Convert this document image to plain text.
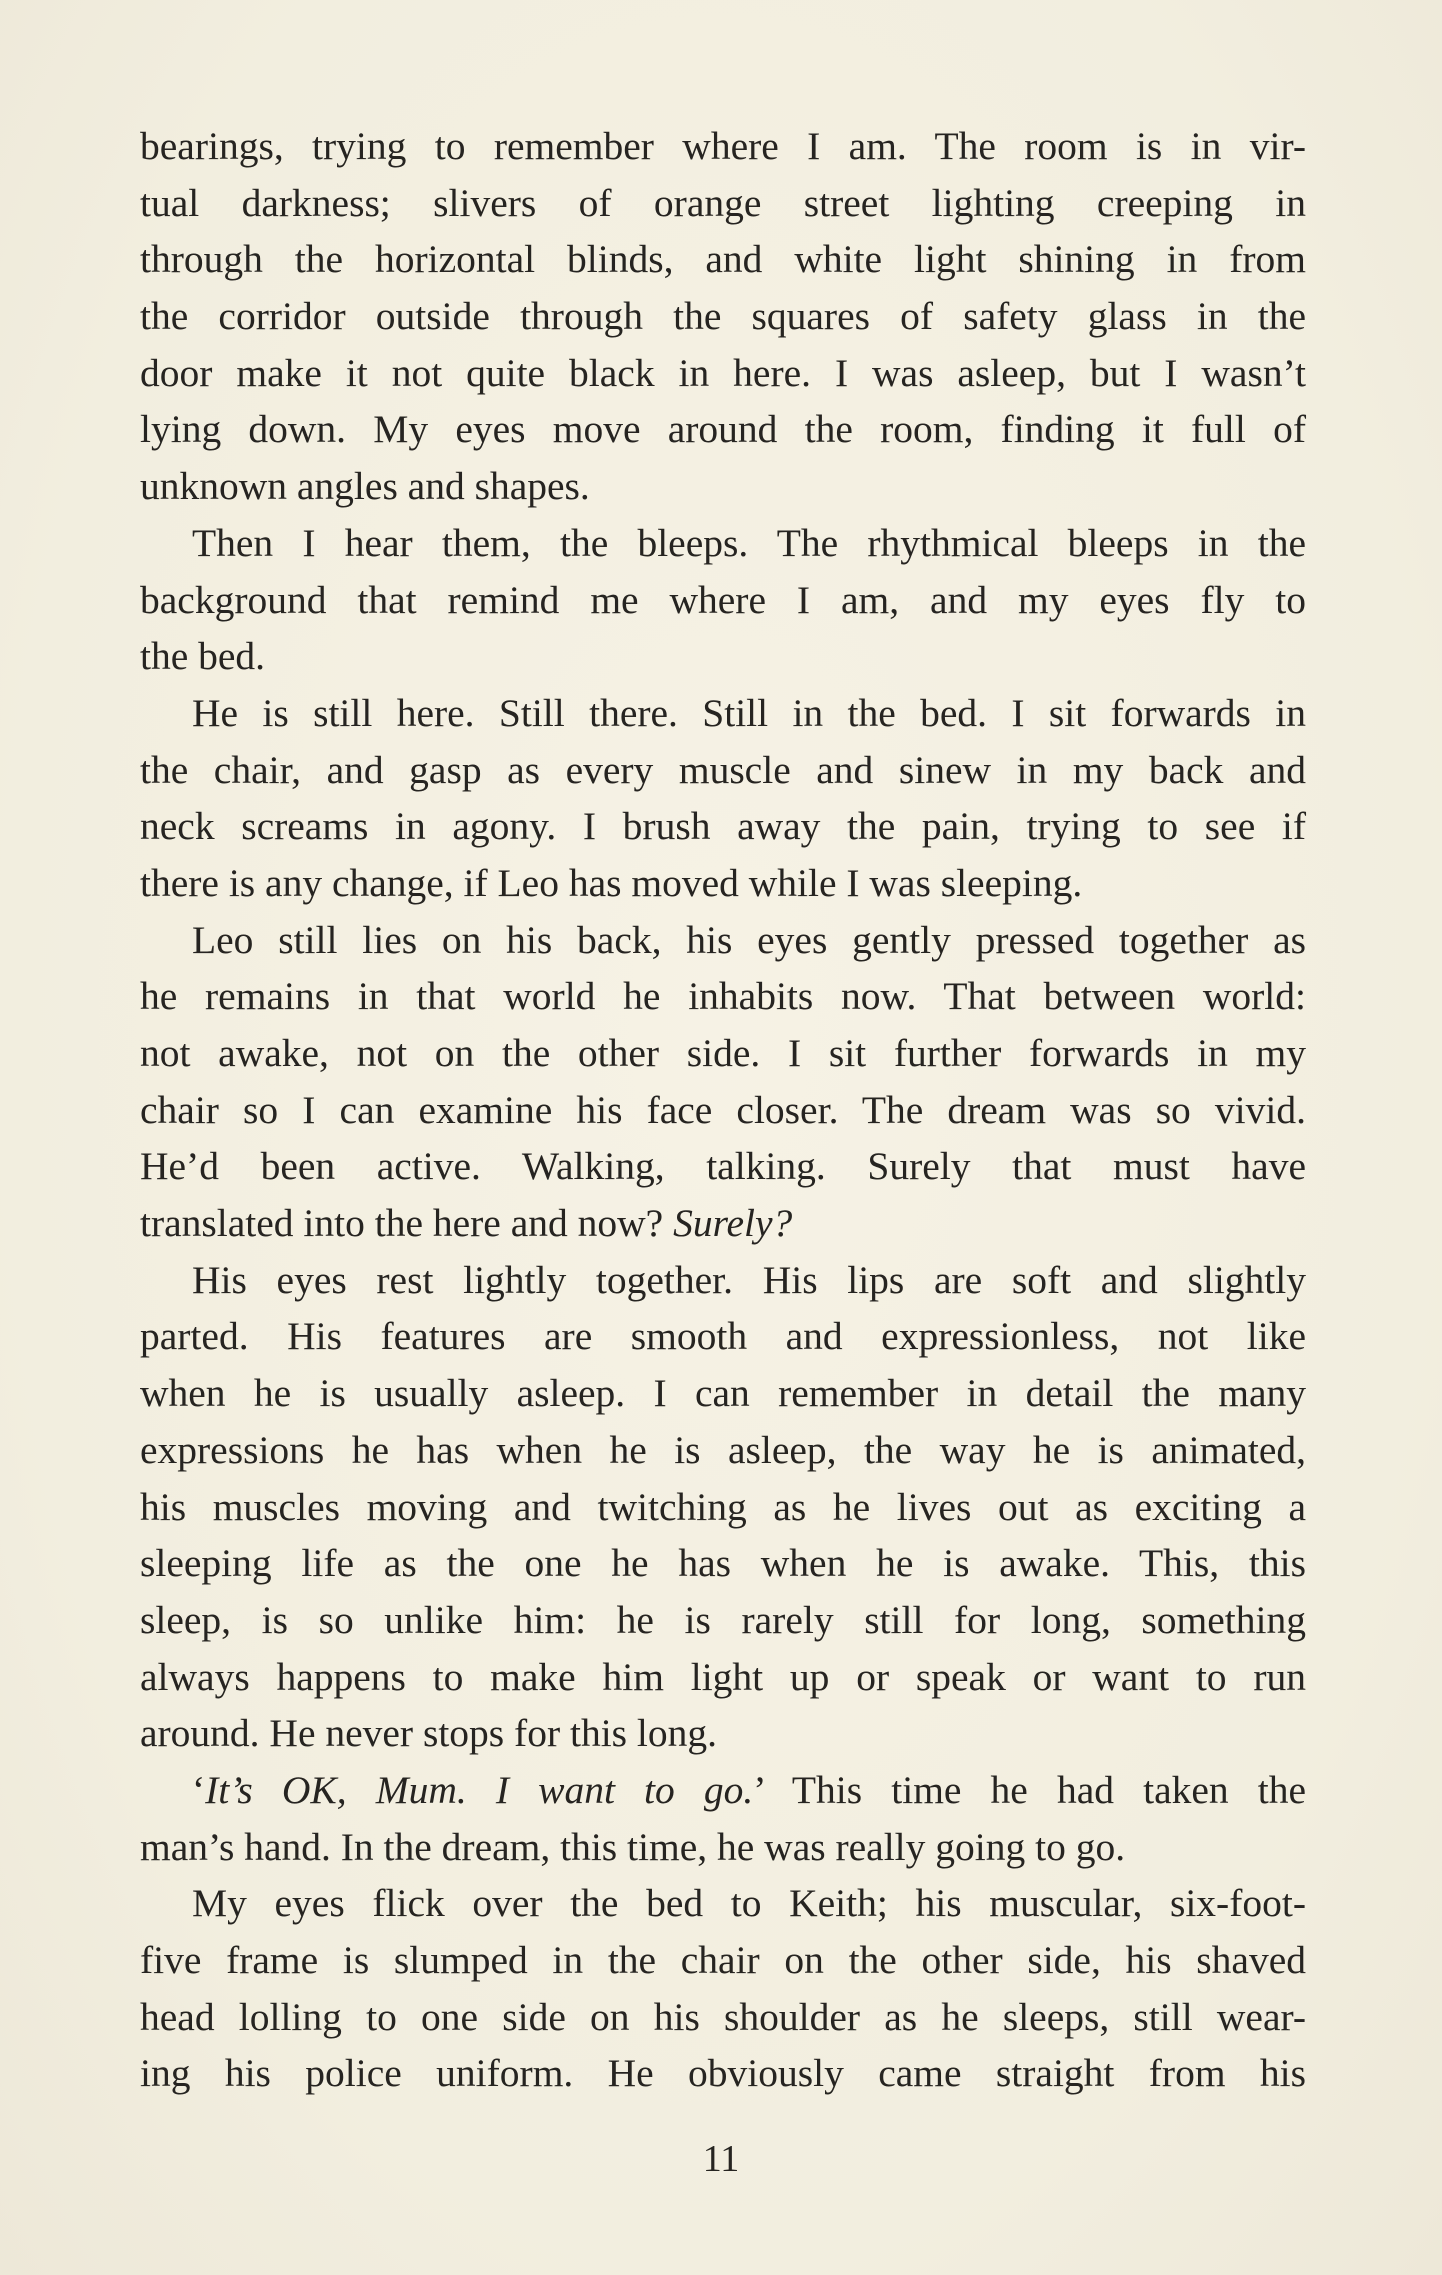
bearings, trying to remember where I am. The room is in vir-
tual darkness; slivers of orange street lighting creeping in
through the horizontal blinds, and white light shining in from
the corridor outside through the squares of safety glass in the
door make it not quite black in here. I was asleep, but I wasn’t
lying down. My eyes move around the room, finding it full of
unknown angles and shapes.
Then I hear them, the bleeps. The rhythmical bleeps in the
background that remind me where I am, and my eyes fly to
the bed.
He is still here. Still there. Still in the bed. I sit forwards in
the chair, and gasp as every muscle and sinew in my back and
neck screams in agony. I brush away the pain, trying to see if
there is any change, if Leo has moved while I was sleeping.
Leo still lies on his back, his eyes gently pressed together as
he remains in that world he inhabits now. That between world:
not awake, not on the other side. I sit further forwards in my
chair so I can examine his face closer. The dream was so vivid.
He’d been active. Walking, talking. Surely that must have
translated into the here and now? Surely?
His eyes rest lightly together. His lips are soft and slightly
parted. His features are smooth and expressionless, not like
when he is usually asleep. I can remember in detail the many
expressions he has when he is asleep, the way he is animated,
his muscles moving and twitching as he lives out as exciting a
sleeping life as the one he has when he is awake. This, this
sleep, is so unlike him: he is rarely still for long, something
always happens to make him light up or speak or want to run
around. He never stops for this long.
‘It’s OK, Mum. I want to go.’ This time he had taken the
man’s hand. In the dream, this time, he was really going to go.
My eyes flick over the bed to Keith; his muscular, six-foot-
five frame is slumped in the chair on the other side, his shaved
head lolling to one side on his shoulder as he sleeps, still wear-
ing his police uniform. He obviously came straight from his
11
